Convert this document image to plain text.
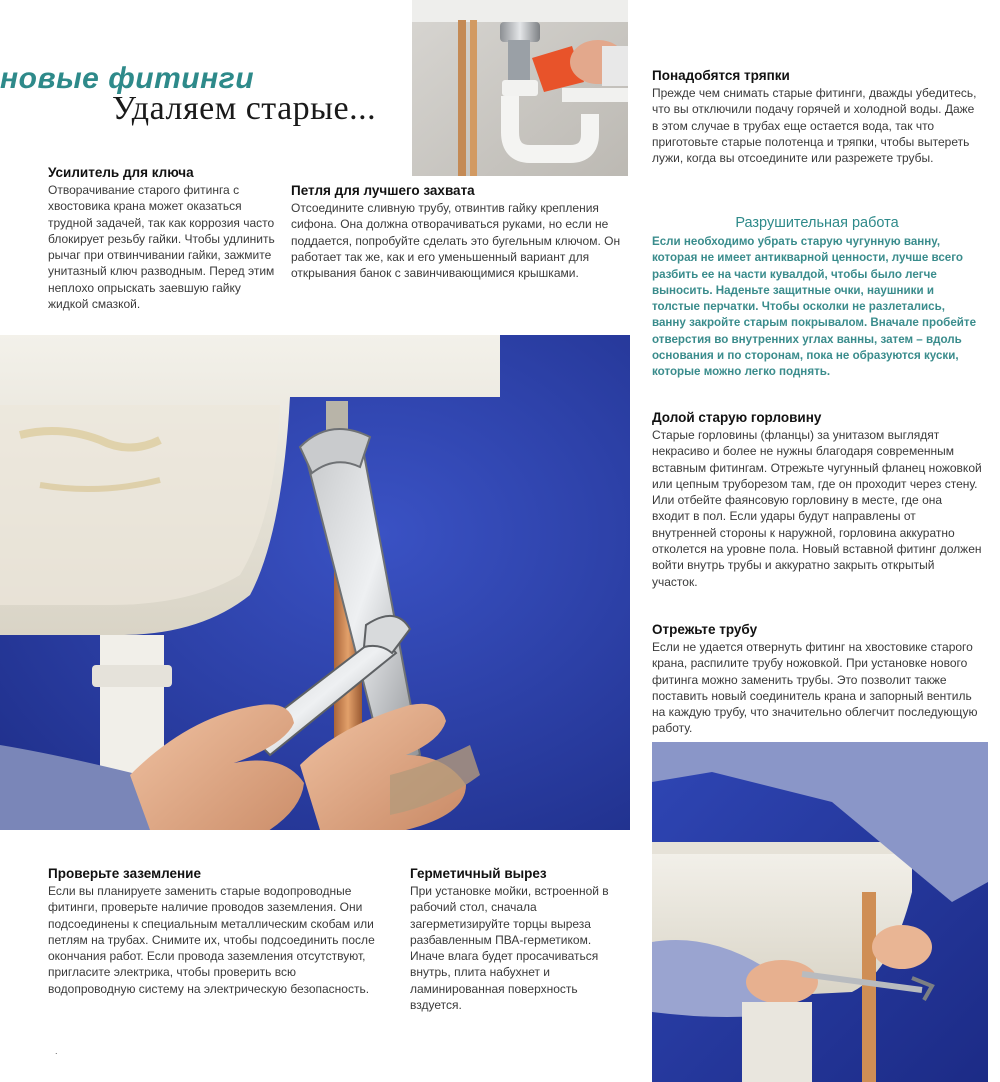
новые фитинги
Удаляем старые...
Усилитель для ключа

Отворачивание старого фитинга с хвостовика крана может оказаться трудной задачей, так как коррозия часто блокирует резьбу гайки. Чтобы удлинить рычаг при отвинчивании гайки, зажмите унитазный ключ разводным. Перед этим неплохо опрыскать заевшую гайку жидкой смазкой.

Петля для лучшего захвата

Отсоедините сливную трубу, отвинтив гайку крепления сифона. Она должна отворачиваться руками, но если не поддается, попробуйте сделать это бугельным ключом. Он работает так же, как и его уменьшенный вариант для открывания банок с завинчивающимися крышками.

Понадобятся тряпки

Прежде чем снимать старые фитинги, дважды убедитесь, что вы отключили подачу горячей и холодной воды. Даже в этом случае в трубах еще остается вода, так что приготовьте старые полотенца и тряпки, чтобы вытереть лужи, когда вы отсоедините или разрежете трубы.

Разрушительная работа

Если необходимо убрать старую чугунную ванну, которая не имеет антикварной ценности, лучше всего разбить ее на части кувалдой, чтобы было легче выносить. Наденьте защитные очки, наушники и толстые перчатки. Чтобы осколки не разлетались, ванну закройте старым покрывалом. Вначале пробейте отверстия во внутренних углах ванны, затем – вдоль основания и по сторонам, пока не образуются куски, которые можно легко поднять.

Долой старую горловину

Старые горловины (фланцы) за унитазом выглядят некрасиво и более не нужны благодаря современным вставным фитингам. Отрежьте чугунный фланец ножовкой или цепным труборезом там, где он проходит через стену. Или отбейте фаянсовую горловину в месте, где она входит в пол. Если удары будут направлены от внутренней стороны к наружной, горловина аккуратно отколется на уровне пола. Новый вставной фитинг должен войти внутрь трубы и аккуратно закрыть открытый участок.

Отрежьте трубу

Если не удается отвернуть фитинг на хвостовике старого крана, распилите трубу ножовкой. При установке нового фитинга можно заменить трубы. Это позволит также поставить новый соединитель крана и запорный вентиль на каждую трубу, что значительно облегчит последующую работу.

Проверьте заземление

Если вы планируете заменить старые водопроводные фитинги, проверьте наличие проводов заземления. Они подсоединены к специальным металлическим скобам или петлям на трубах. Снимите их, чтобы подсоединить после окончания работ. Если провода заземления отсутствуют, пригласите электрика, чтобы проверить всю водопроводную систему на электрическую безопасность.

Герметичный вырез

При установке мойки, встроенной в рабочий стол, сначала загерметизируйте торцы выреза разбавленным ПВА-герметиком. Иначе влага будет просачиваться внутрь, плита набухнет и ламинированная поверхность вздуется.

.
